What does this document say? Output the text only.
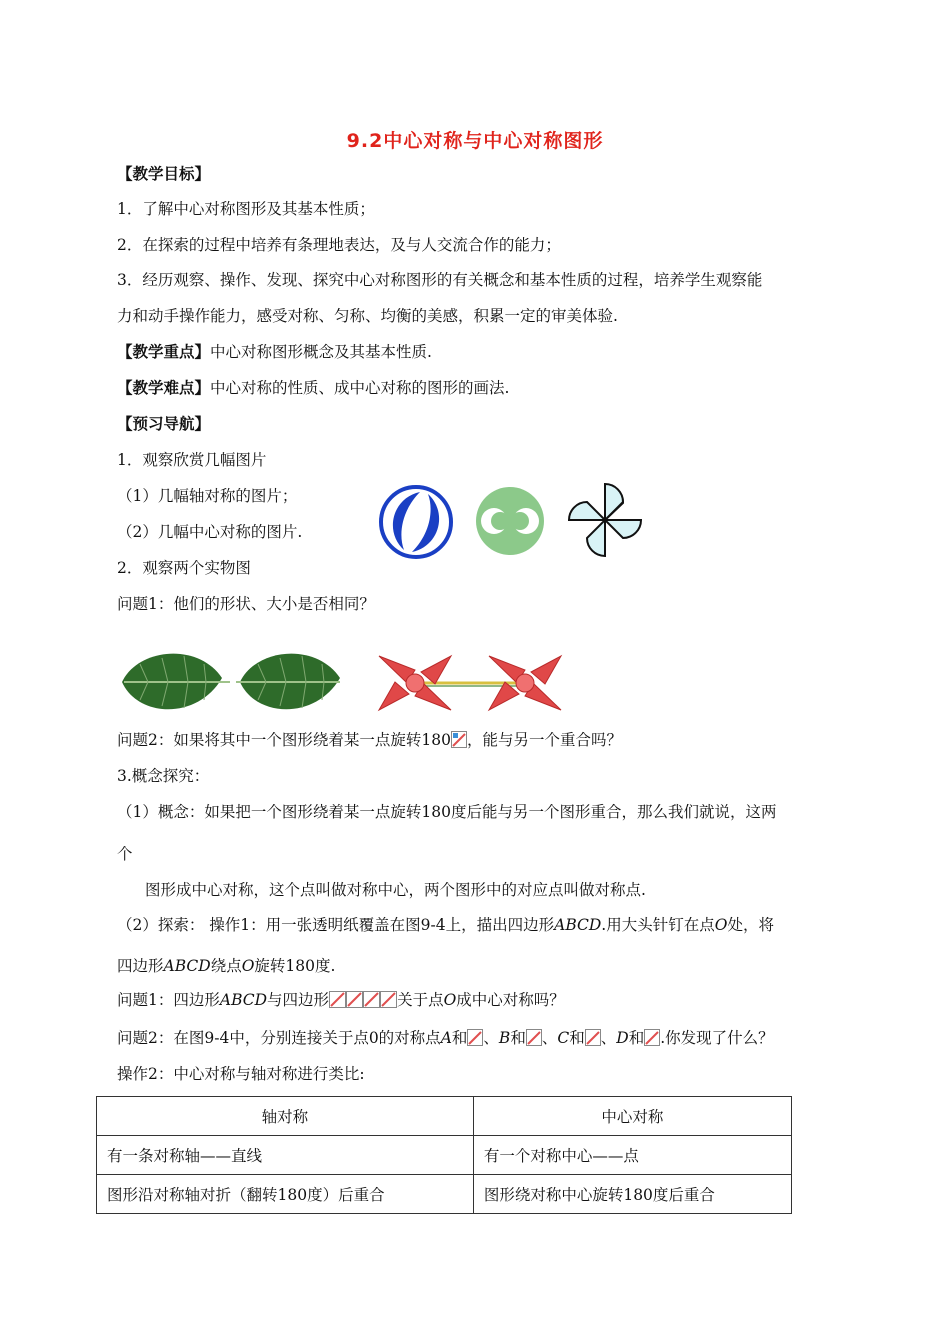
9.2中心对称与中心对称图形
【教学目标】
1．了解中心对称图形及其基本性质；
2．在探索的过程中培养有条理地表达，及与人交流合作的能力；
3．经历观察、操作、发现、探究中心对称图形的有关概念和基本性质的过程，培养学生观察能
力和动手操作能力，感受对称、匀称、均衡的美感，积累一定的审美体验.
【教学重点】中心对称图形概念及其基本性质.
【教学难点】中心对称的性质、成中心对称的图形的画法.
【预习导航】
1．观察欣赏几幅图片
（1）几幅轴对称的图片；
（2）几幅中心对称的图片.
2．观察两个实物图
问题1：他们的形状、大小是否相同？
问题2：如果将其中一个图形绕着某一点旋转180 ，能与另一个重合吗？
3.概念探究：
（1）概念：如果把一个图形绕着某一点旋转180度后能与另一个图形重合，那么我们就说，这两
个
图形成中心对称，这个点叫做对称中心，两个图形中的对应点叫做对称点.
（2）探索： 操作1：用一张透明纸覆盖在图9-4上，描出四边形ABCD.用大头针钉在点O处，将
四边形ABCD绕点O旋转180度.
问题1：四边形ABCD与四边形	关于点O成中心对称吗？
问题2：在图9-4中，分别连接关于点0的对称点A和 、B和 、C和 、D和 .你发现了什么？
操作2：中心对称与轴对称进行类比:
轴对称	中心对称
有一条对称轴——直线	有一个对称中心——点
图形沿对称轴对折（翻转180度）后重合	图形绕对称中心旋转180度后重合
